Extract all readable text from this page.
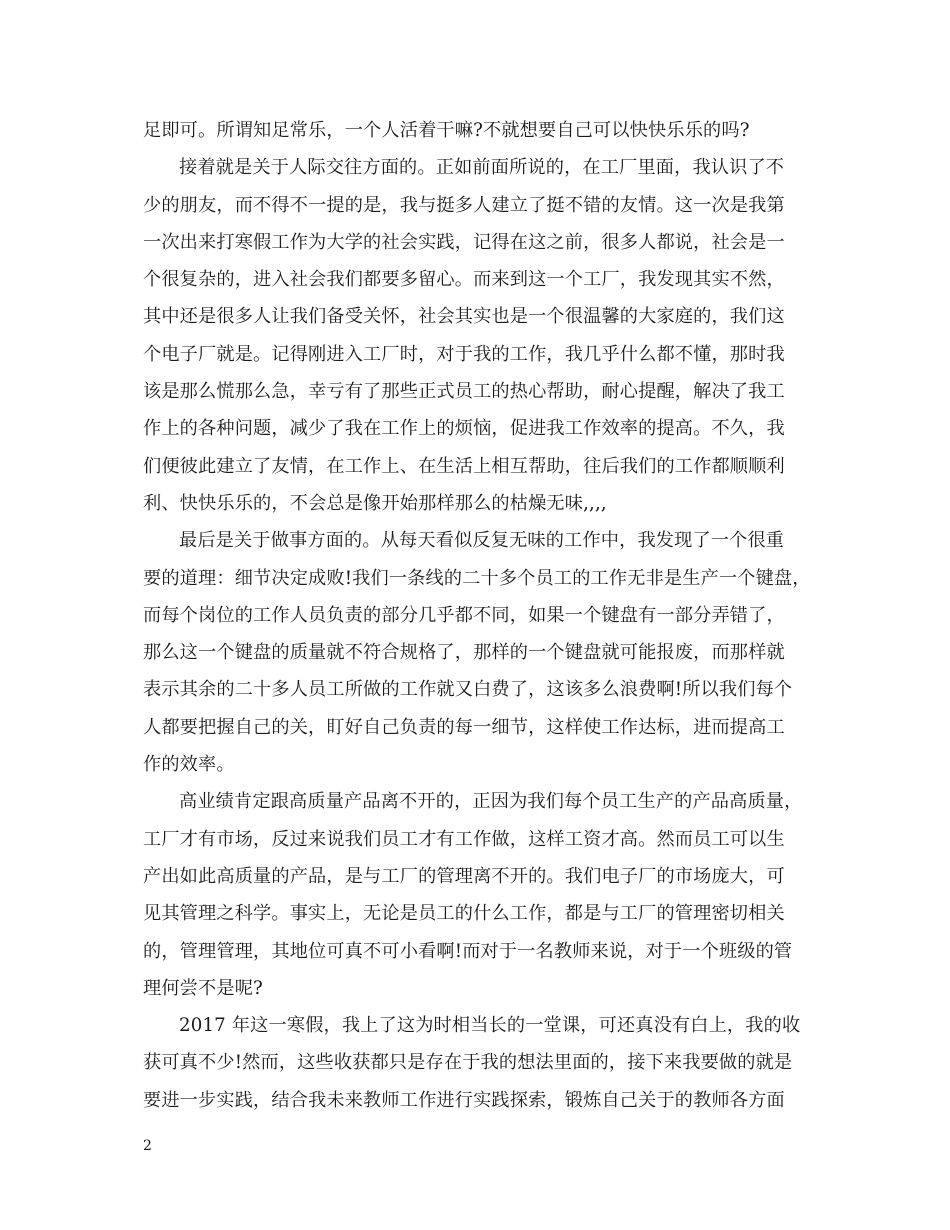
足即可。所谓知足常乐，一个人活着干嘛?不就想要自己可以快快乐乐的吗?
接着就是关于人际交往方面的。正如前面所说的，在工厂里面，我认识了不
少的朋友，而不得不一提的是，我与挺多人建立了挺不错的友情。这一次是我第
一次出来打寒假工作为大学的社会实践，记得在这之前，很多人都说，社会是一
个很复杂的，进入社会我们都要多留心。而来到这一个工厂，我发现其实不然，
其中还是很多人让我们备受关怀，社会其实也是一个很温馨的大家庭的，我们这
个电子厂就是。记得刚进入工厂时，对于我的工作，我几乎什么都不懂，那时我
该是那么慌那么急，幸亏有了那些正式员工的热心帮助，耐心提醒，解决了我工
作上的各种问题，减少了我在工作上的烦恼，促进我工作效率的提高。不久，我
们便彼此建立了友情，在工作上、在生活上相互帮助，往后我们的工作都顺顺利
利、快快乐乐的，不会总是像开始那样那么的枯燥无味,,,,
最后是关于做事方面的。从每天看似反复无味的工作中，我发现了一个很重
要的道理：细节决定成败!我们一条线的二十多个员工的工作无非是生产一个键盘，
而每个岗位的工作人员负责的部分几乎都不同，如果一个键盘有一部分弄错了，
那么这一个键盘的质量就不符合规格了，那样的一个键盘就可能报废，而那样就
表示其余的二十多人员工所做的工作就又白费了，这该多么浪费啊!所以我们每个
人都要把握自己的关，盯好自己负责的每一细节，这样使工作达标，进而提高工
作的效率。
高业绩肯定跟高质量产品离不开的，正因为我们每个员工生产的产品高质量，
工厂才有市场，反过来说我们员工才有工作做，这样工资才高。然而员工可以生
产出如此高质量的产品，是与工厂的管理离不开的。我们电子厂的市场庞大，可
见其管理之科学。事实上，无论是员工的什么工作，都是与工厂的管理密切相关
的，管理管理，其地位可真不可小看啊!而对于一名教师来说，对于一个班级的管
理何尝不是呢?
2017 年这一寒假，我上了这为时相当长的一堂课，可还真没有白上，我的收
获可真不少!然而，这些收获都只是存在于我的想法里面的，接下来我要做的就是
要进一步实践，结合我未来教师工作进行实践探索，锻炼自己关于的教师各方面
2
